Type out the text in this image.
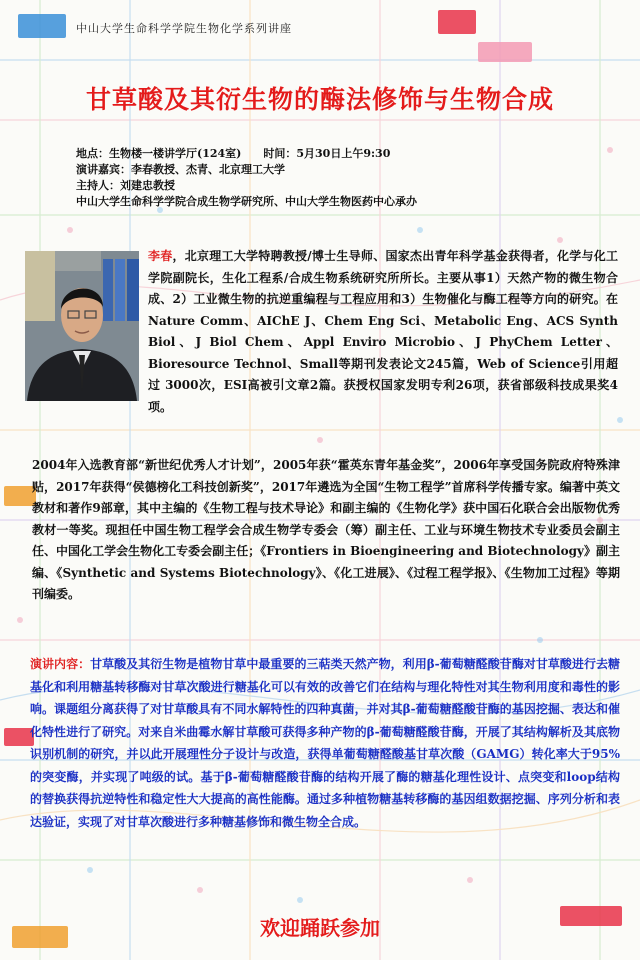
中山大学生命科学学院生物化学系列讲座
甘草酸及其衍生物的酶法修饰与生物合成
地点：生物楼一楼讲学厅(124室)　　时间：5月30日上午9:30
演讲嘉宾：李春教授、杰青、北京理工大学
主持人：刘建忠教授
中山大学生命科学学院合成生物学研究所、中山大学生物医药中心承办
李春，北京理工大学特聘教授/博士生导师、国家杰出青年科学基金获得者，化学与化工学院副院长，生化工程系/合成生物系统研究所所长。主要从事1）天然产物的微生物合成、2）工业微生物的抗逆重编程与工程应用和3）生物催化与酶工程等方向的研究。在Nature Comm、AIChE J、Chem Eng Sci、Metabolic Eng、ACS Synth Biol、J Biol Chem、Appl Enviro Microbio、J PhyChem Letter、Bioresource Technol、Small等期刊发表论文245篇，Web of Science引用超过 3000次，ESI高被引文章2篇。获授权国家发明专利26项，获省部级科技成果奖4项。
2004年入选教育部“新世纪优秀人才计划”，2005年获“霍英东青年基金奖”，2006年享受国务院政府特殊津贴，2017年获得“侯德榜化工科技创新奖”，2017年遴选为全国“生物工程学”首席科学传播专家。编著中英文教材和著作9部章，其中主编的《生物工程与技术导论》和副主编的《生物化学》获中国石化联合会出版物优秀教材一等奖。现担任中国生物工程学会合成生物学专委会（筹）副主任、工业与环境生物技术专业委员会副主任、中国化工学会生物化工专委会副主任；《Frontiers in Bioengineering and Biotechnology》副主编、《Synthetic and Systems Biotechnology》、《化工进展》、《过程工程学报》、《生物加工过程》等期刊编委。
演讲内容：甘草酸及其衍生物是植物甘草中最重要的三萜类天然产物，利用β-葡萄糖醛酸苷酶对甘草酸进行去糖基化和利用糖基转移酶对甘草次酸进行糖基化可以有效的改善它们在结构与理化特性对其生物利用度和毒性的影响。课题组分离获得了对甘草酸具有不同水解特性的四种真菌，并对其β-葡萄糖醛酸苷酶的基因挖掘、表达和催化特性进行了研究。对来自米曲霉水解甘草酸可获得多种产物的β-葡萄糖醛酸苷酶，开展了其结构解析及其底物识别机制的研究，并以此开展理性分子设计与改造，获得单葡萄糖醛酸基甘草次酸（GAMG）转化率大于95%的突变酶，并实现了吨级的试。基于β-葡萄糖醛酸苷酶的结构开展了酶的糖基化理性设计、点突变和loop结构的替换获得抗逆特性和稳定性大大提高的高性能酶。通过多种植物糖基转移酶的基因组数据挖掘、序列分析和表达验证，实现了对甘草次酸进行多种糖基修饰和微生物全合成。
欢迎踊跃参加
